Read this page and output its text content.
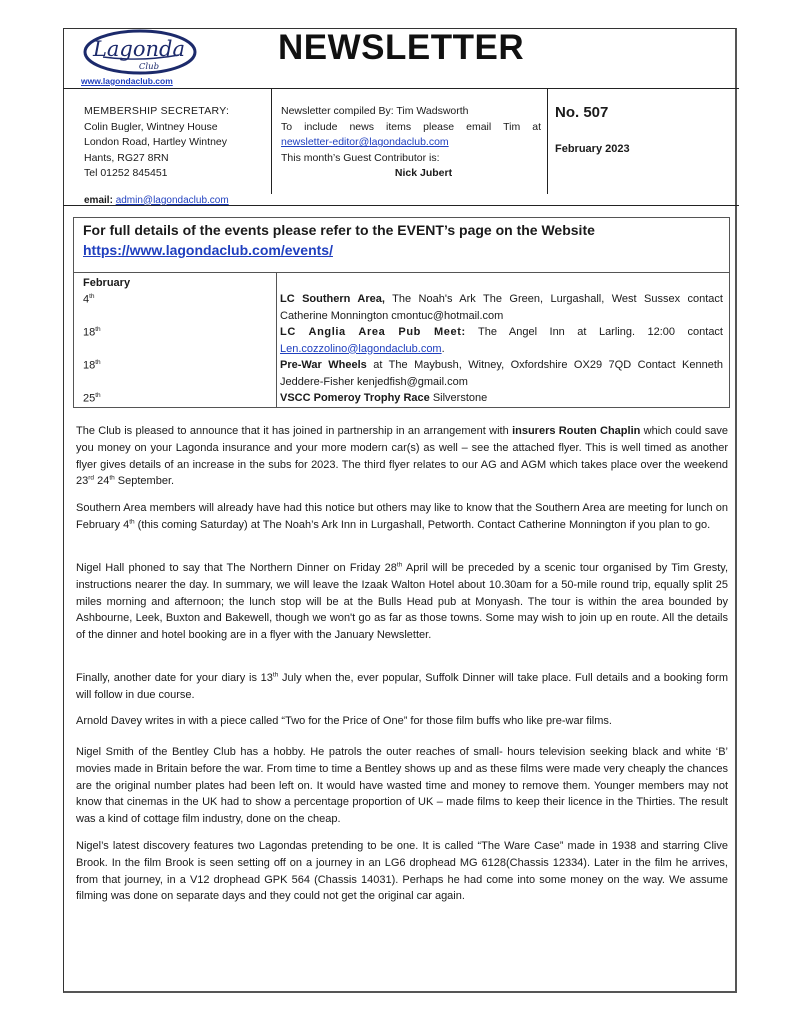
Lagonda
Club
www.lagondaclub.com
NEWSLETTER
MEMBERSHIP SECRETARY:
Colin Bugler, Wintney House
London Road, Hartley Wintney
Hants, RG27 8RN
Tel 01252 845451
email: admin@lagondaclub.com
Newsletter compiled By: Tim Wadsworth
To include news items please email Tim at
newsletter-editor@lagondaclub.com
This month’s Guest Contributor is:
Nick Jubert
No. 507
February 2023
For full details of the events please refer to the EVENT’s page on the Website
https://www.lagondaclub.com/events/
February
4th	LC Southern Area, The Noah's Ark The Green, Lurgashall, West Sussex contact Catherine Monnington cmontuc@hotmail.com
18th	LC Anglia Area Pub Meet: The Angel Inn at Larling. 12:00 contact Len.cozzolino@lagondaclub.com.
18th	Pre-War Wheels at The Maybush, Witney, Oxfordshire OX29 7QD Contact Kenneth Jeddere-Fisher kenjedfish@gmail.com
25th	VSCC Pomeroy Trophy Race Silverstone

The Club is pleased to announce that it has joined in partnership in an arrangement with insurers Routen Chaplin which could save you money on your Lagonda insurance and your more modern car(s) as well – see the attached flyer. This is well timed as another flyer gives details of an increase in the subs for 2023. The third flyer relates to our AG and AGM which takes place over the weekend 23rd 24th September.

Southern Area members will already have had this notice but others may like to know that the Southern Area are meeting for lunch on February 4th (this coming Saturday) at The Noah’s Ark Inn in Lurgashall, Petworth. Contact Catherine Monnington if you plan to go.

Nigel Hall phoned to say that The Northern Dinner on Friday 28th April will be preceded by a scenic tour organised by Tim Gresty, instructions nearer the day. In summary, we will leave the Izaak Walton Hotel about 10.30am for a 50-mile round trip, equally split 25 miles morning and afternoon; the lunch stop will be at the Bulls Head pub at Monyash. The tour is within the area bounded by Ashbourne, Leek, Buxton and Bakewell, though we won't go as far as those towns. Some may wish to join up en route. All the details of the dinner and hotel booking are in a flyer with the January Newsletter.

Finally, another date for your diary is 13th July when the, ever popular, Suffolk Dinner will take place. Full details and a booking form will follow in due course.

Arnold Davey writes in with a piece called “Two for the Price of One” for those film buffs who like pre-war films.

Nigel Smith of the Bentley Club has a hobby. He patrols the outer reaches of small- hours television seeking black and white ‘B’ movies made in Britain before the war. From time to time a Bentley shows up and as these films were made very cheaply the chances are the original number plates had been left on. It would have wasted time and money to remove them. Younger members may not know that cinemas in the UK had to show a percentage proportion of UK – made films to keep their licence in the Thirties. The result was a kind of cottage film industry, done on the cheap.

Nigel’s latest discovery features two Lagondas pretending to be one. It is called “The Ware Case” made in 1938 and starring Clive Brook. In the film Brook is seen setting off on a journey in an LG6 drophead MG 6128(Chassis 12334). Later in the film he arrives, from that journey, in a V12 drophead GPK 564 (Chassis 14031). Perhaps he had come into some money on the way. We assume filming was done on separate days and they could not get the original car again.
